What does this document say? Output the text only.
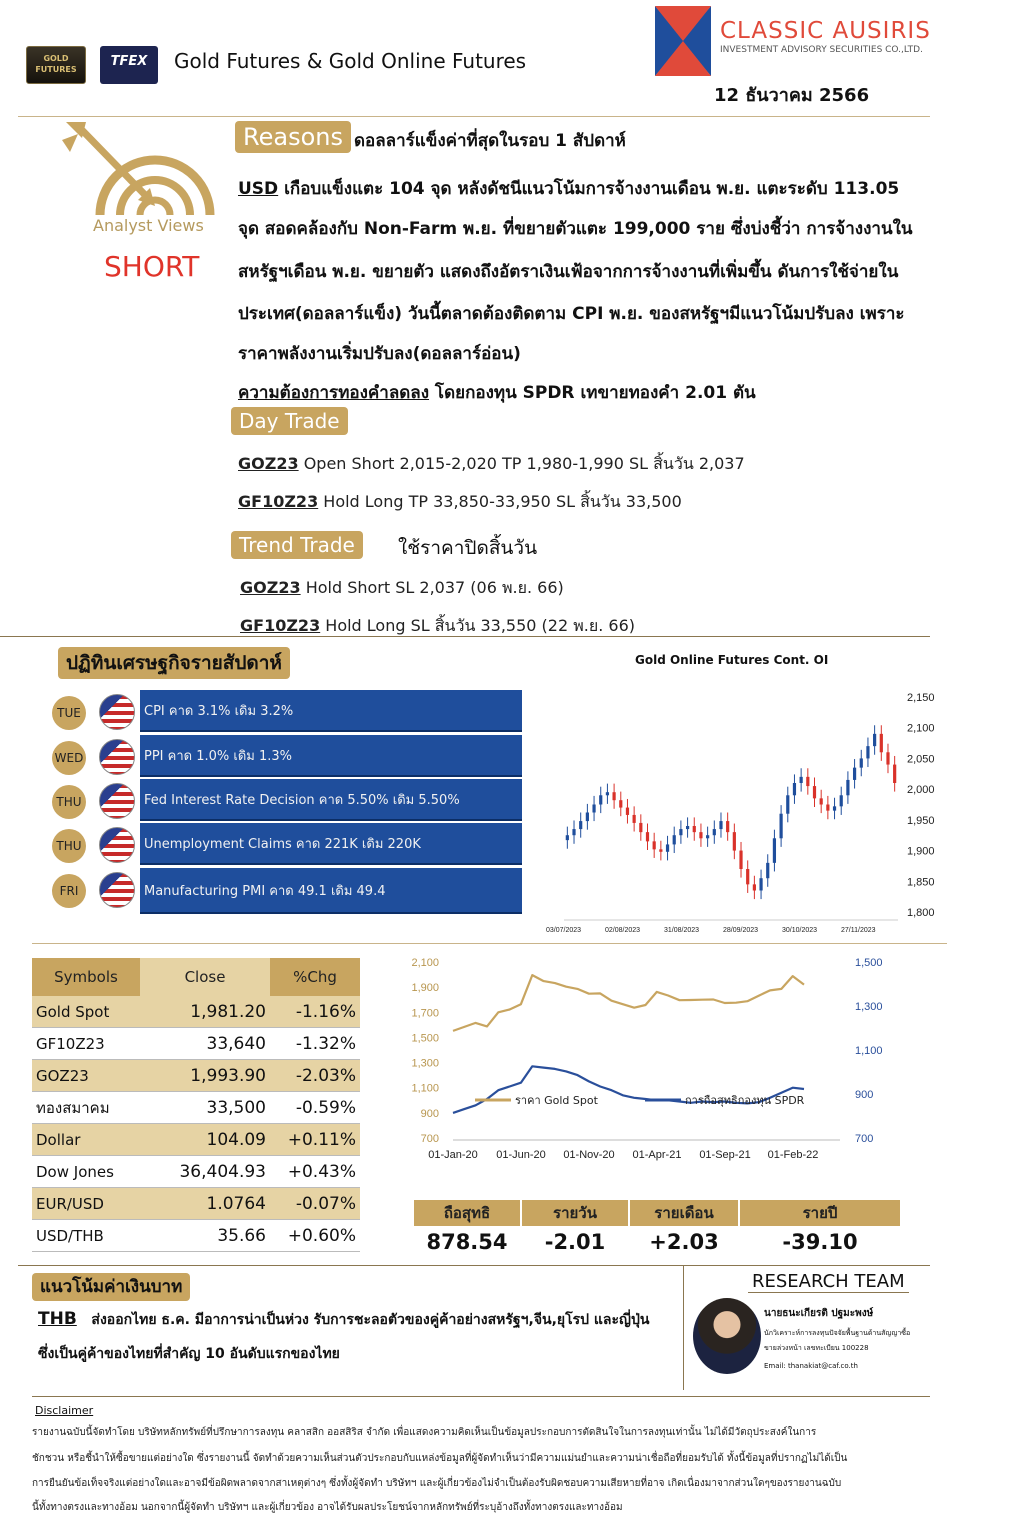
GOLD FUTURES
TFEX	Gold Futures & Gold Online Futures
CLASSIC AUSIRIS
INVESTMENT ADVISORY SECURITIES CO.,LTD.
12 ธันวาคม 2566
Analyst Views
SHORT
Reasons ดอลลาร์แข็งค่าที่สุดในรอบ 1 สัปดาห์
USD เกือบแข็งแตะ 104 จุด หลังดัชนีแนวโน้มการจ้างงานเดือน พ.ย. แตะระดับ 113.05
จุด สอดคล้องกับ Non-Farm พ.ย. ที่ขยายตัวแตะ 199,000 ราย ซึ่งบ่งชี้ว่า การจ้างงานใน
สหรัฐฯเดือน พ.ย. ขยายตัว แสดงถึงอัตราเงินเฟ้อจากการจ้างงานที่เพิ่มขึ้น ดันการใช้จ่ายใน
ประเทศ(ดอลลาร์แข็ง) วันนี้ตลาดต้องติดตาม CPI พ.ย. ของสหรัฐฯมีแนวโน้มปรับลง เพราะ
ราคาพลังงานเริ่มปรับลง(ดอลลาร์อ่อน)
ความต้องการทองคำลดลง โดยกองทุน SPDR เทขายทองคำ 2.01 ตัน
Day Trade
GOZ23 Open Short 2,015-2,020 TP 1,980-1,990 SL สิ้นวัน 2,037
GF10Z23 Hold Long TP 33,850-33,950 SL สิ้นวัน 33,500
Trend Trade	ใช้ราคาปิดสิ้นวัน
GOZ23 Hold Short SL 2,037 (06 พ.ย. 66)
GF10Z23 Hold Long SL สิ้นวัน 33,550 (22 พ.ย. 66)
ปฏิทินเศรษฐกิจรายสัปดาห์
TUE	CPI คาด 3.1% เดิม 3.2%
WED	PPI คาด 1.0% เดิม 1.3%
THU	Fed Interest Rate Decision คาด 5.50% เดิม 5.50%
THU	Unemployment Claims คาด 221K เดิม 220K
FRI	Manufacturing PMI คาด 49.1 เดิม 49.4
Gold Online Futures Cont. OI
2,150
2,100
2,050
2,000
1,950
1,900
1,850
1,800
03/07/2023	02/08/2023	31/08/2023	28/09/2023	30/10/2023	27/11/2023
Symbols	Close	%Chg
Gold Spot	1,981.20	-1.16%
GF10Z23	33,640	-1.32%
GOZ23	1,993.90	-2.03%
ทองสมาคม	33,500	-0.59%
Dollar	104.09	+0.11%
Dow Jones	36,404.93	+0.43%
EUR/USD	1.0764	-0.07%
USD/THB	35.66	+0.60%
2,100
1,900
1,700
1,500
1,300
1,100
900
700
1,500
1,300
1,100
900
700
01-Jan-20 01-Jun-20 01-Nov-20 01-Apr-21 01-Sep-21 01-Feb-22
ราคา Gold Spot	การถือสุทธิกองทุน SPDR
ถือสุทธิ	รายวัน	รายเดือน	รายปี
878.54	-2.01	+2.03	-39.10
แนวโน้มค่าเงินบาท
THB ส่งออกไทย ธ.ค. มีอาการน่าเป็นห่วง รับการชะลอตัวของคู่ค้าอย่างสหรัฐฯ,จีน,ยุโรป และญี่ปุ่น
ซึ่งเป็นคู่ค้าของไทยที่สำคัญ 10 อันดับแรกของไทย
RESEARCH TEAM
นายธนะเกียรติ ปฐมะพงษ์
นักวิเคราะห์การลงทุนปัจจัยพื้นฐานด้านสัญญาซื้อ
ขายล่วงหน้า เลขทะเบียน 100228
Email: thanakiat@caf.co.th
Disclaimer
รายงานฉบับนี้จัดทำโดย บริษัทหลักทรัพย์ที่ปรึกษาการลงทุน คลาสสิก ออสสิริส จำกัด เพื่อแสดงความคิดเห็นเป็นข้อมูลประกอบการตัดสินใจในการลงทุนเท่านั้น ไม่ได้มีวัตถุประสงค์ในการ
ชักชวน หรือชี้นำให้ซื้อขายแต่อย่างใด ซึ่งรายงานนี้ จัดทำด้วยความเห็นส่วนตัวประกอบกับแหล่งข้อมูลที่ผู้จัดทำเห็นว่ามีความแม่นยำและความน่าเชื่อถือที่ยอมรับได้ ทั้งนี้ข้อมูลที่ปรากฏไม่ได้เป็น
การยืนยันข้อเท็จจริงแต่อย่างใดและอาจมีข้อผิดพลาดจากสาเหตุต่างๆ ซึ่งทั้งผู้จัดทำ บริษัทฯ และผู้เกี่ยวข้องไม่จำเป็นต้องรับผิดชอบความเสียหายที่อาจ เกิดเนื่องมาจากส่วนใดๆของรายงานฉบับ
นี้ทั้งทางตรงและทางอ้อม นอกจากนี้ผู้จัดทำ บริษัทฯ และผู้เกี่ยวข้อง อาจได้รับผลประโยชน์จากหลักทรัพย์ที่ระบุอ้างถึงทั้งทางตรงและทางอ้อม
